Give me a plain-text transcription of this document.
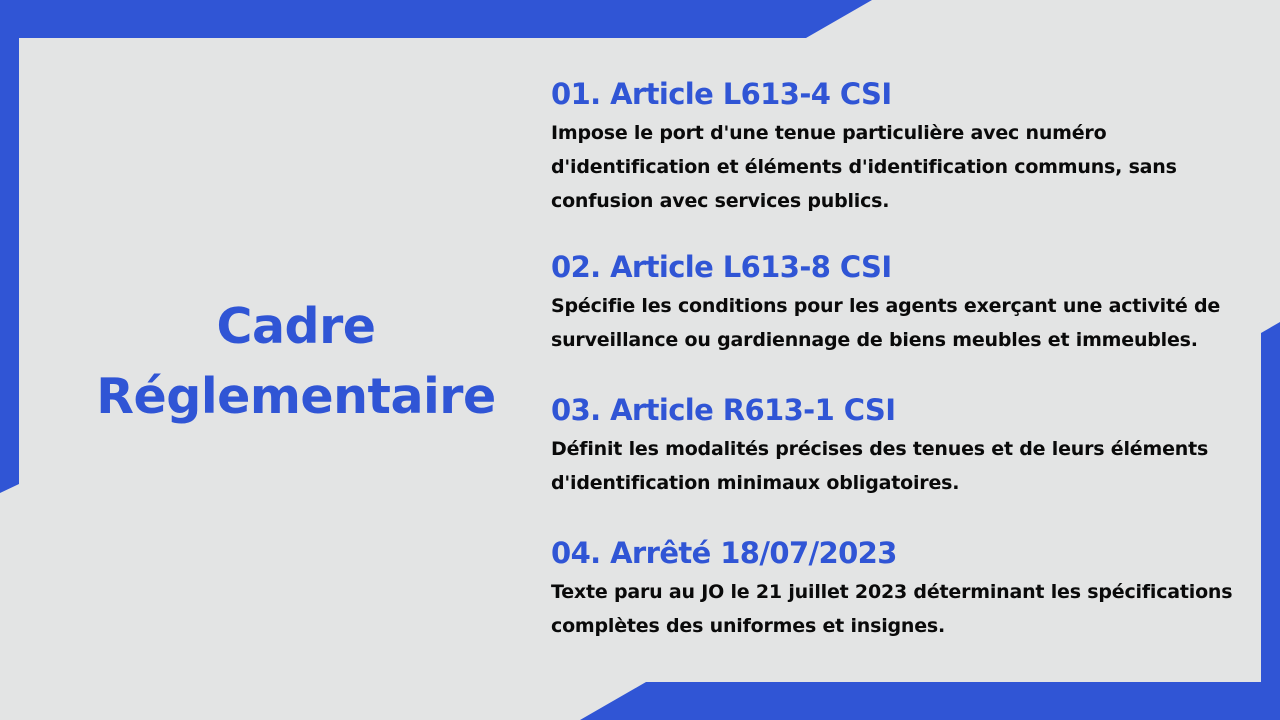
Cadre
Réglementaire
01. Article L613-4 CSI
Impose le port d'une tenue particulière avec numéro
d'identification et éléments d'identification communs, sans
confusion avec services publics.
02. Article L613-8 CSI
Spécifie les conditions pour les agents exerçant une activité de
surveillance ou gardiennage de biens meubles et immeubles.
03. Article R613-1 CSI
Définit les modalités précises des tenues et de leurs éléments
d'identification minimaux obligatoires.
04. Arrêté 18/07/2023
Texte paru au JO le 21 juillet 2023 déterminant les spécifications
complètes des uniformes et insignes.
